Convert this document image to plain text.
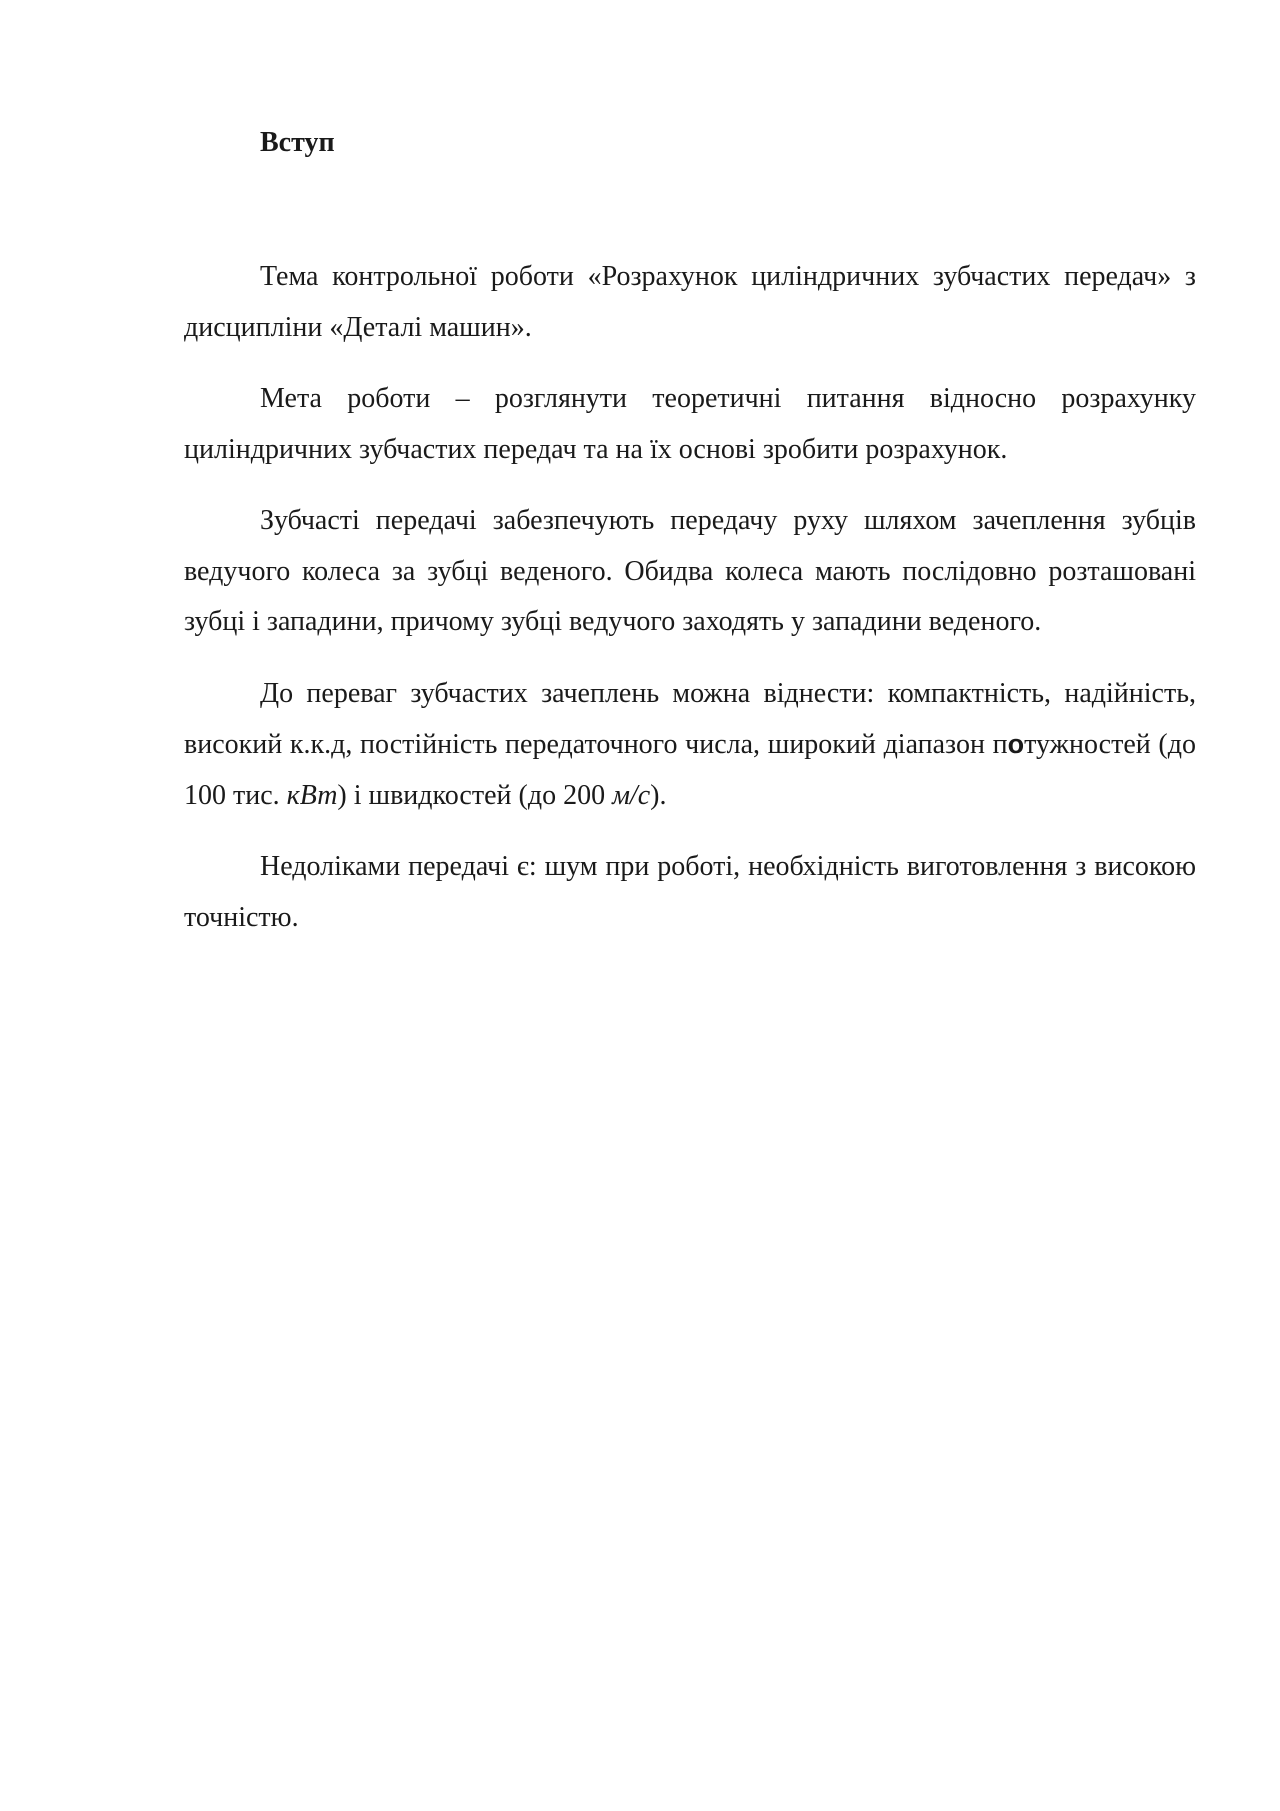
Вступ

Тема контрольної роботи «Розрахунок циліндричних зубчастих передач» з дисципліни «Деталі машин».

Мета роботи – розглянути теоретичні питання відносно розрахунку циліндричних зубчастих передач та на їх основі зробити розрахунок.

Зубчасті передачі забезпечують передачу руху шляхом зачеплення зубців ведучого колеса за зубці веденого. Обидва колеса мають послідовно розташовані зубці і западини, причому зубці ведучого заходять у западини веденого.

До переваг зубчастих зачеплень можна віднести: компактність, надійність, високий к.к.д, постійність передаточного числа, широкий діапазон потужностей (до 100 тис. кВт) і швидкостей (до 200 м/с).

Недоліками передачі є: шум при роботі, необхідність виготовлення з високою точністю.
